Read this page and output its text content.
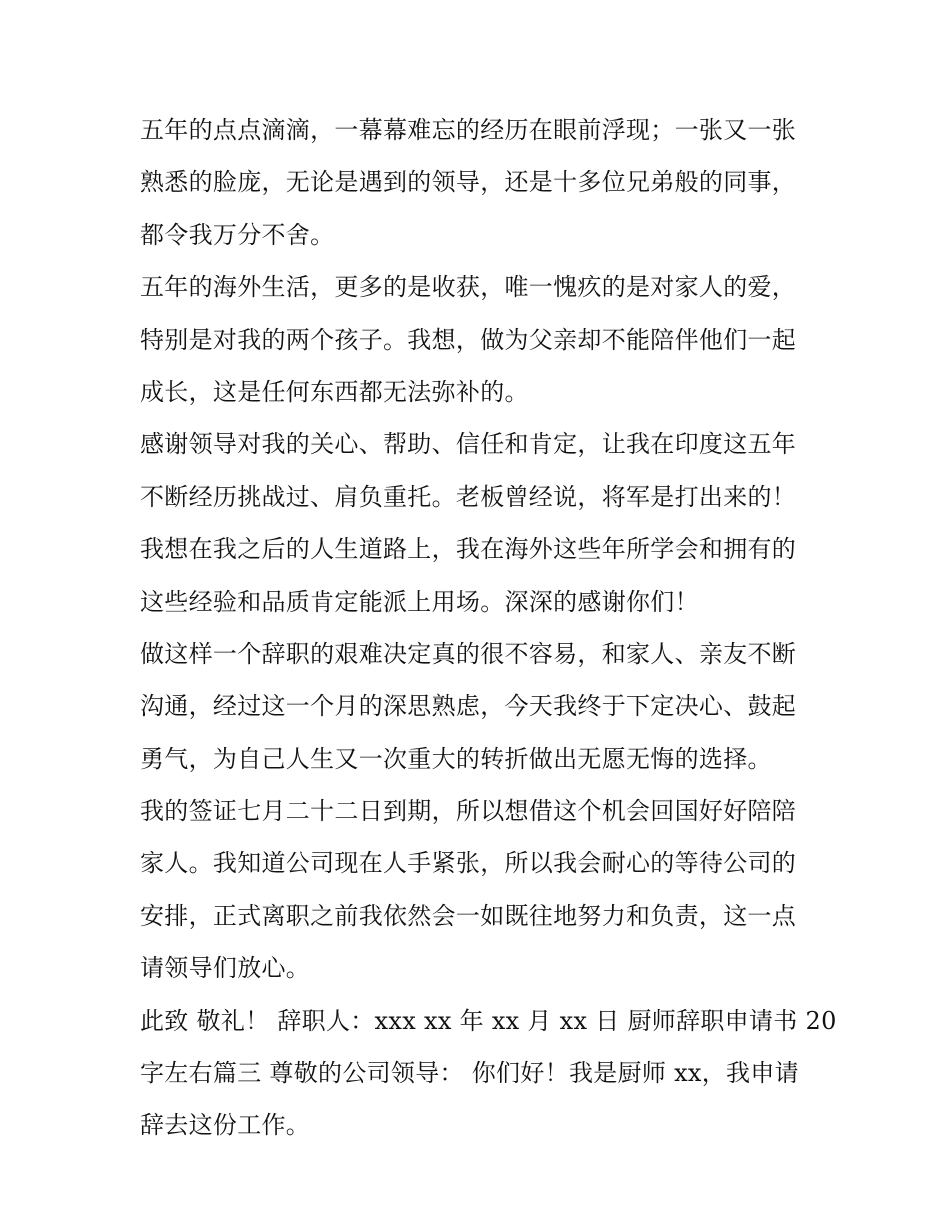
五年的点点滴滴，一幕幕难忘的经历在眼前浮现；一张又一张
熟悉的脸庞，无论是遇到的领导，还是十多位兄弟般的同事，
都令我万分不舍。
五年的海外生活，更多的是收获，唯一愧疚的是对家人的爱，
特别是对我的两个孩子。我想，做为父亲却不能陪伴他们一起
成长，这是任何东西都无法弥补的。
感谢领导对我的关心、帮助、信任和肯定，让我在印度这五年
不断经历挑战过、肩负重托。老板曾经说，将军是打出来的！
我想在我之后的人生道路上，我在海外这些年所学会和拥有的
这些经验和品质肯定能派上用场。深深的感谢你们！
做这样一个辞职的艰难决定真的很不容易，和家人、亲友不断
沟通，经过这一个月的深思熟虑，今天我终于下定决心、鼓起
勇气，为自己人生又一次重大的转折做出无愿无悔的选择。
我的签证七月二十二日到期，所以想借这个机会回国好好陪陪
家人。我知道公司现在人手紧张，所以我会耐心的等待公司的
安排，正式离职之前我依然会一如既往地努力和负责，这一点
请领导们放心。
此致 敬礼！ 辞职人：xxx xx 年 xx 月 xx 日 厨师辞职申请书 20
字左右篇三 尊敬的公司领导： 你们好！我是厨师 xx，我申请
辞去这份工作。
